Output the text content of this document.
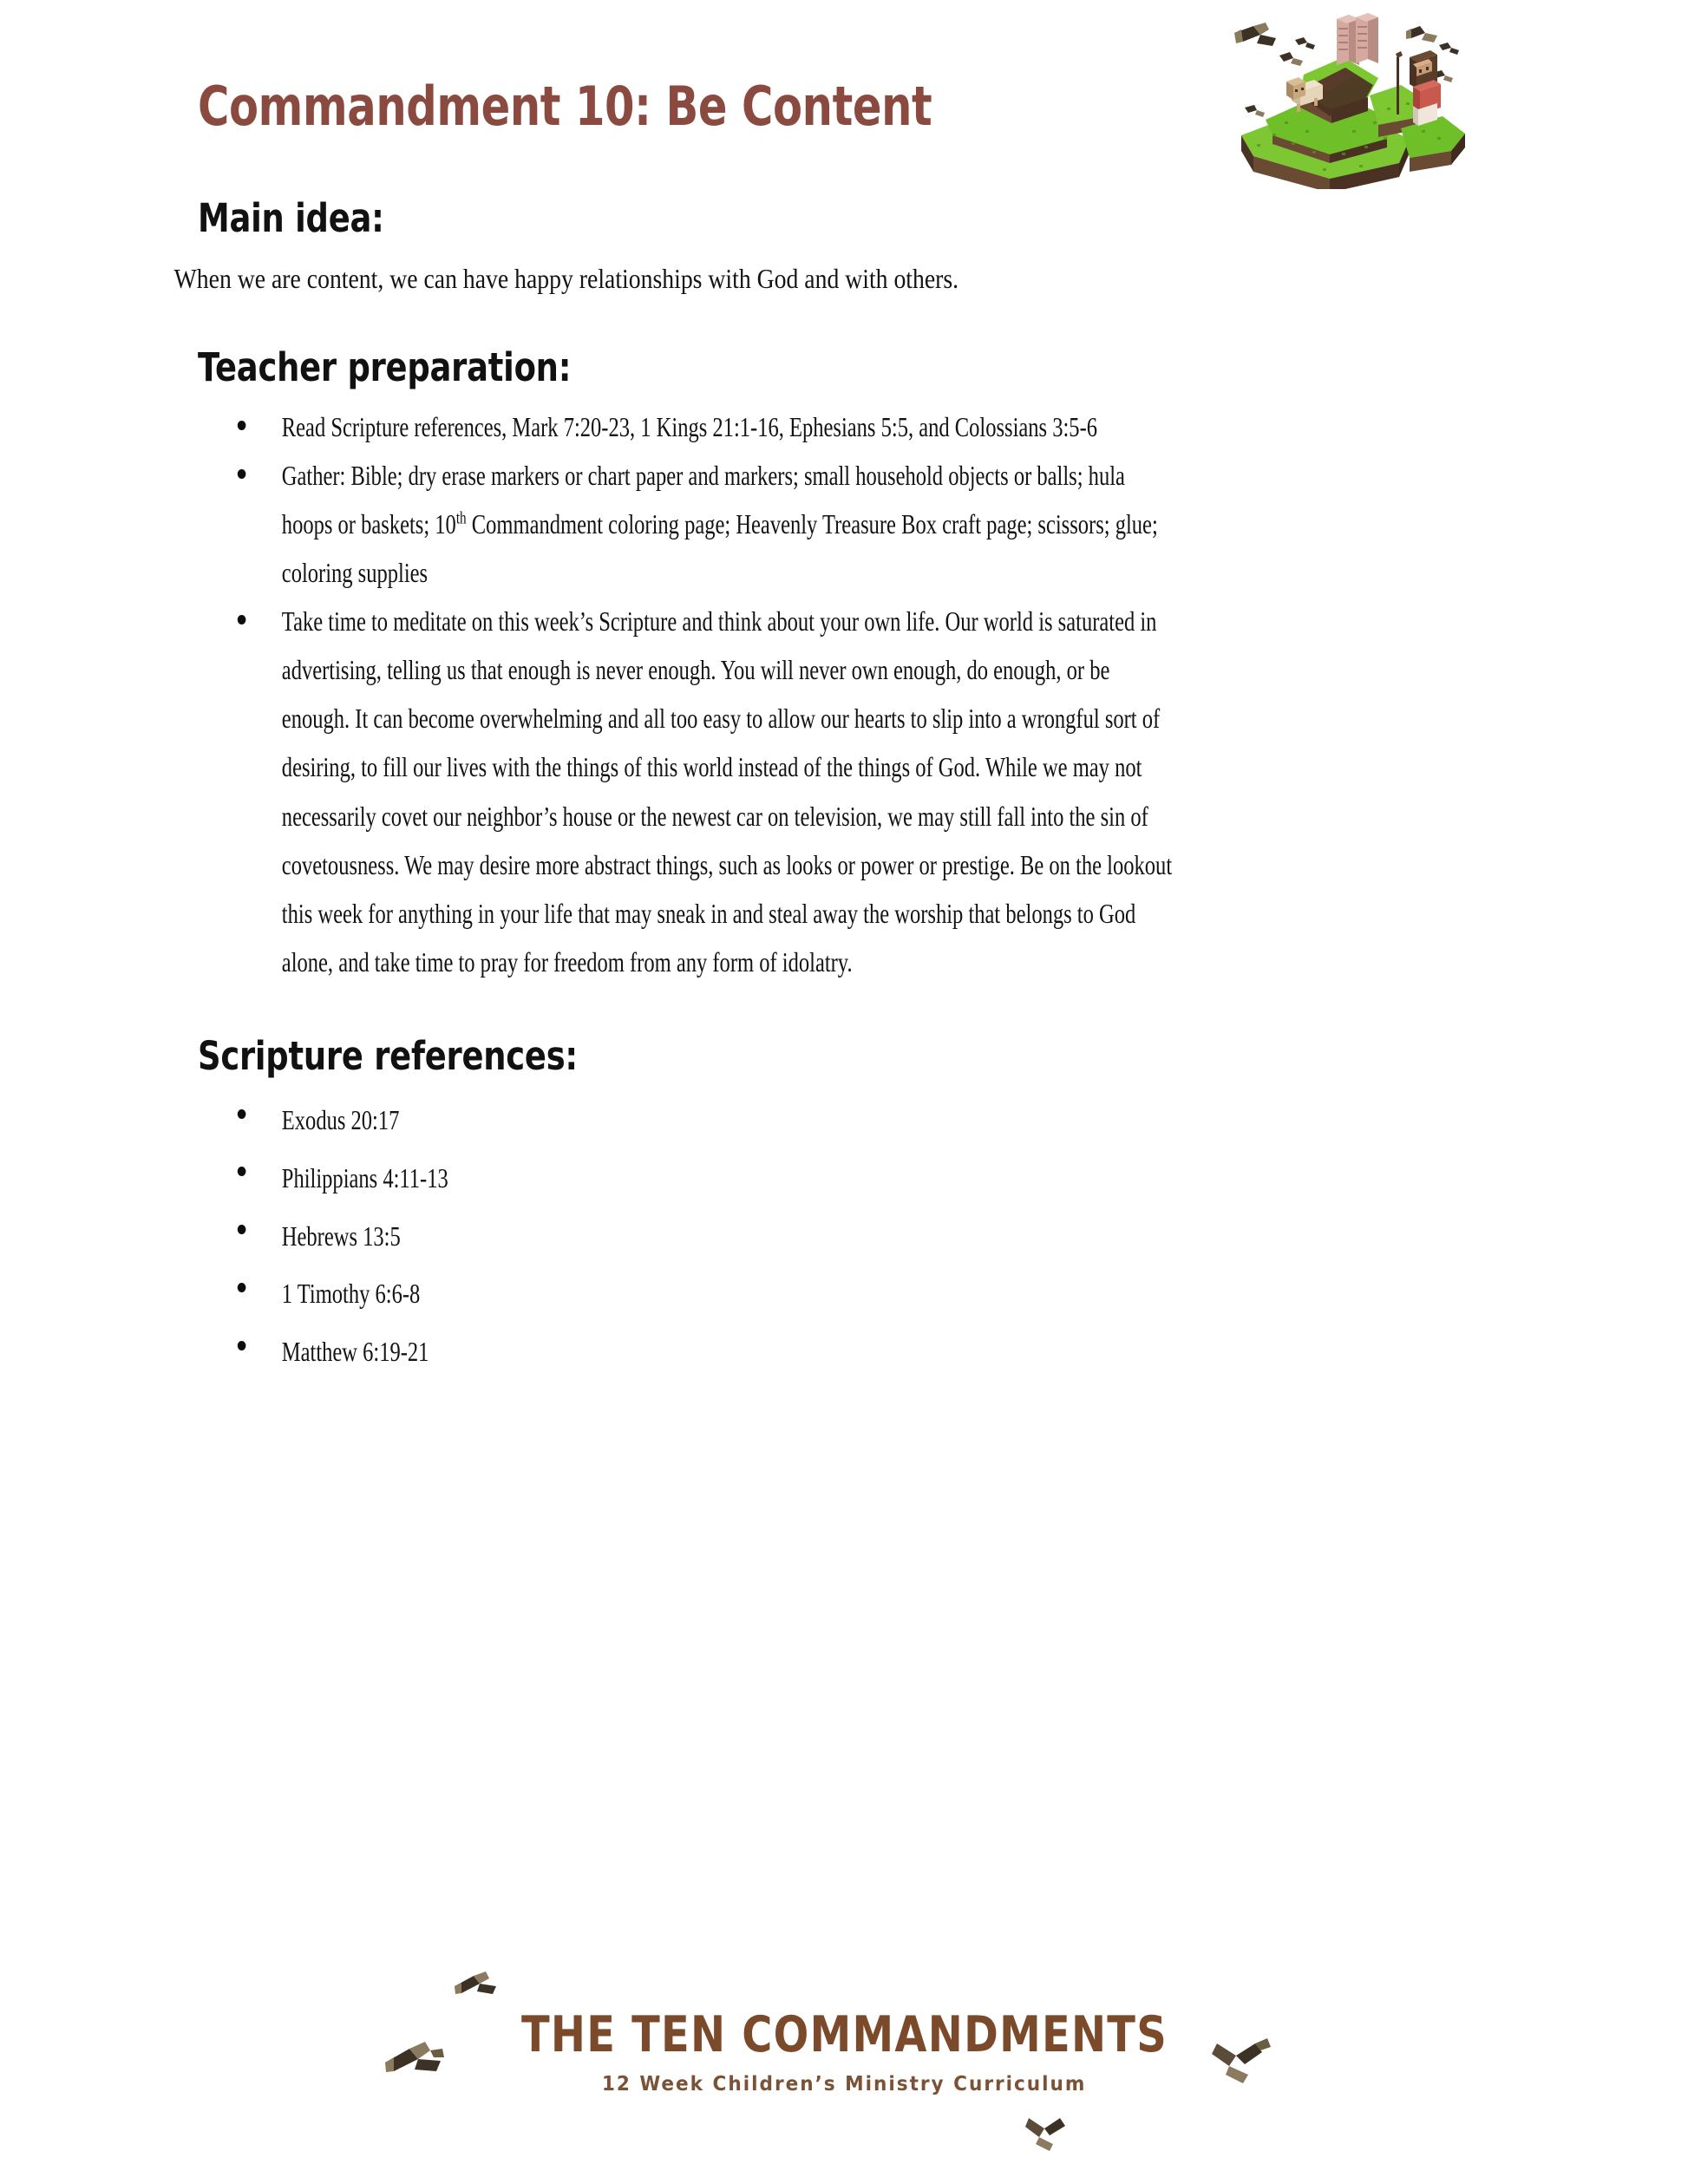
Commandment 10: Be Content
Main idea:

When we are content, we can have happy relationships with God and with others.

Teacher preparation:
Read Scripture references, Mark 7:20-23, 1 Kings 21:1-16, Ephesians 5:5, and Colossians 3:5-6
Gather: Bible; dry erase markers or chart paper and markers; small household objects or balls; hula hoops or baskets; 10th Commandment coloring page; Heavenly Treasure Box craft page; scissors; glue; coloring supplies
Take time to meditate on this week’s Scripture and think about your own life. Our world is saturated in advertising, telling us that enough is never enough. You will never own enough, do enough, or be enough. It can become overwhelming and all too easy to allow our hearts to slip into a wrongful sort of desiring, to fill our lives with the things of this world instead of the things of God. While we may not necessarily covet our neighbor’s house or the newest car on television, we may still fall into the sin of covetousness. We may desire more abstract things, such as looks or power or prestige. Be on the lookout this week for anything in your life that may sneak in and steal away the worship that belongs to God alone, and take time to pray for freedom from any form of idolatry.
Scripture references:
Exodus 20:17
Philippians 4:11-13
Hebrews 13:5
1 Timothy 6:6-8
Matthew 6:19-21
THE TEN COMMANDMENTS
12 Week Children’s Ministry Curriculum
